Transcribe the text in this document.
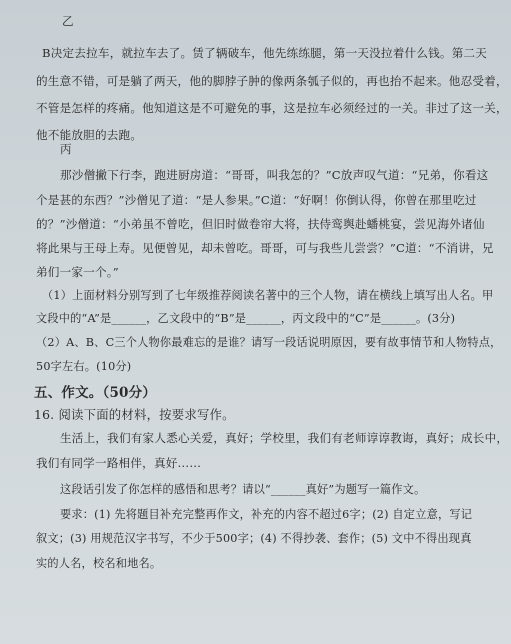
乙
B决定去拉车，就拉车去了。赁了辆破车，他先练练腿，第一天没拉着什么钱。第二天
的生意不错，可是躺了两天，他的脚脖子肿的像两条瓠子似的，再也抬不起来。他忍受着，
不管是怎样的疼痛。他知道这是不可避免的事，这是拉车必须经过的一关。非过了这一关，
他不能放胆的去跑。
丙
那沙僧撇下行李，跑进厨房道：“哥哥，叫我怎的？”C放声叹气道：“兄弟，你看这
个是甚的东西？”沙僧见了道：“是人参果。”C道：“好啊！你倒认得，你曾在那里吃过
的？”沙僧道：“小弟虽不曾吃，但旧时做卷帘大将，扶侍鸾舆赴蟠桃宴，尝见海外诸仙
将此果与王母上寿。见便曾见，却未曾吃。哥哥，可与我些儿尝尝？”C道：“不消讲，兄
弟们一家一个。”
（1）上面材料分别写到了七年级推荐阅读名著中的三个人物，请在横线上填写出人名。甲
文段中的“A”是______，乙文段中的“B”是______，丙文段中的“C”是______。(3分)
（2）A、B、C三个人物你最难忘的是谁？请写一段话说明原因，要有故事情节和人物特点，
50字左右。(10分)
五、作文。（50分）
16. 阅读下面的材料，按要求写作。
生活上，我们有家人悉心关爱，真好；学校里，我们有老师谆谆教诲，真好；成长中，
我们有同学一路相伴，真好……
这段话引发了你怎样的感悟和思考？请以“______真好”为题写一篇作文。
要求：(1) 先将题目补充完整再作文，补充的内容不超过6字；(2) 自定立意，写记
叙文；(3) 用规范汉字书写，不少于500字；(4) 不得抄袭、套作；(5) 文中不得出现真
实的人名，校名和地名。
